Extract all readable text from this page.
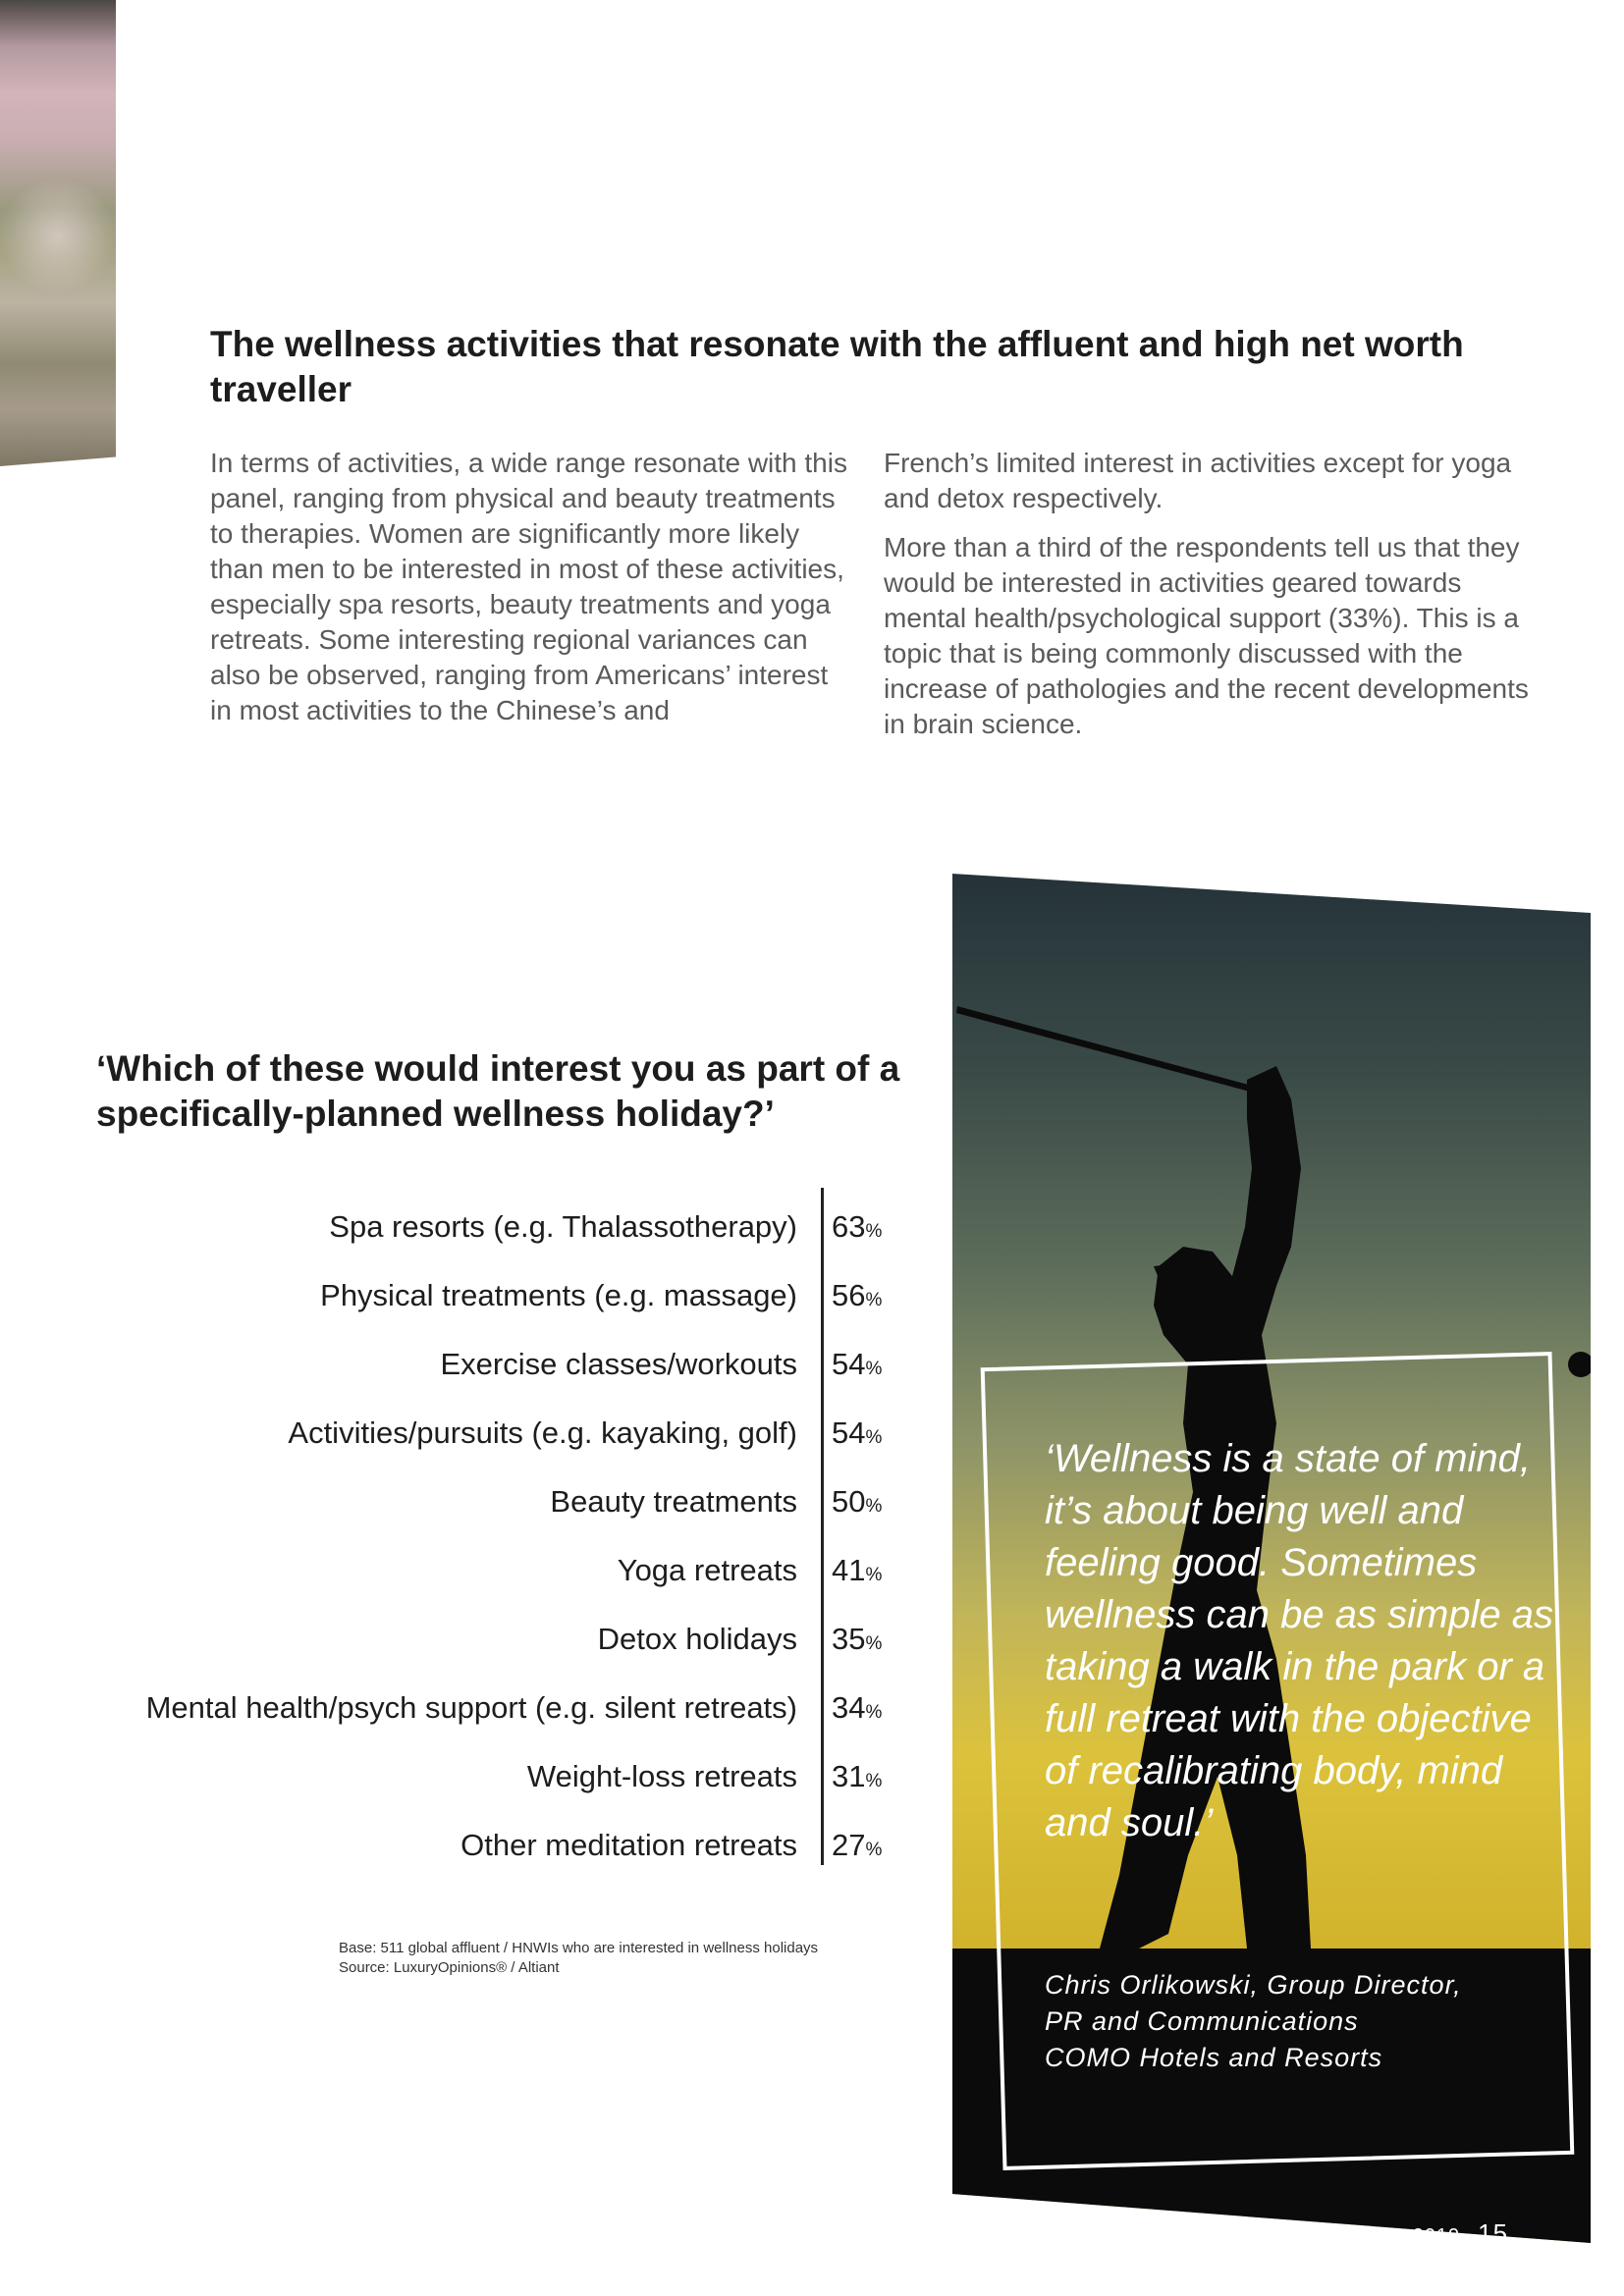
The wellness activities that resonate with the affluent and high net worth traveller

In terms of activities, a wide range resonate with this panel, ranging from physical and beauty treatments to therapies. Women are significantly more likely than men to be interested in most of these activities, especially spa resorts, beauty treatments and yoga retreats. Some interesting regional variances can also be observed, ranging from Americans’ interest in most activities to the Chinese’s and

French’s limited interest in activities except for yoga and detox respectively.

More than a third of the respondents tell us that they would be interested in activities geared towards mental health/psychological support (33%). This is a topic that is being commonly discussed with the increase of pathologies and the recent developments in brain science.

‘Wellness is a state of mind, it’s about being well and feeling good. Sometimes wellness can be as simple as taking a walk in the park or a full retreat with the objective of recalibrating body, mind and soul.’
Chris Orlikowski, Group Director,
PR and Communications
COMO Hotels and Resorts
‘Which of these would interest you as part of a specifically-planned wellness holiday?’
Spa resorts (e.g. Thalassotherapy) 63%
Physical treatments (e.g. massage) 56%
Exercise classes/workouts 54%
Activities/pursuits (e.g. kayaking, golf) 54%
Beauty treatments 50%
Yoga retreats 41%
Detox holidays 35%
Mental health/psych support (e.g. silent retreats) 34%
Weight-loss retreats 31%
Other meditation retreats 27%
Base: 511 global affluent / HNWIs who are interested in wellness holidays
Source: LuxuryOpinions® / Altiant
APRIL 2019 15
